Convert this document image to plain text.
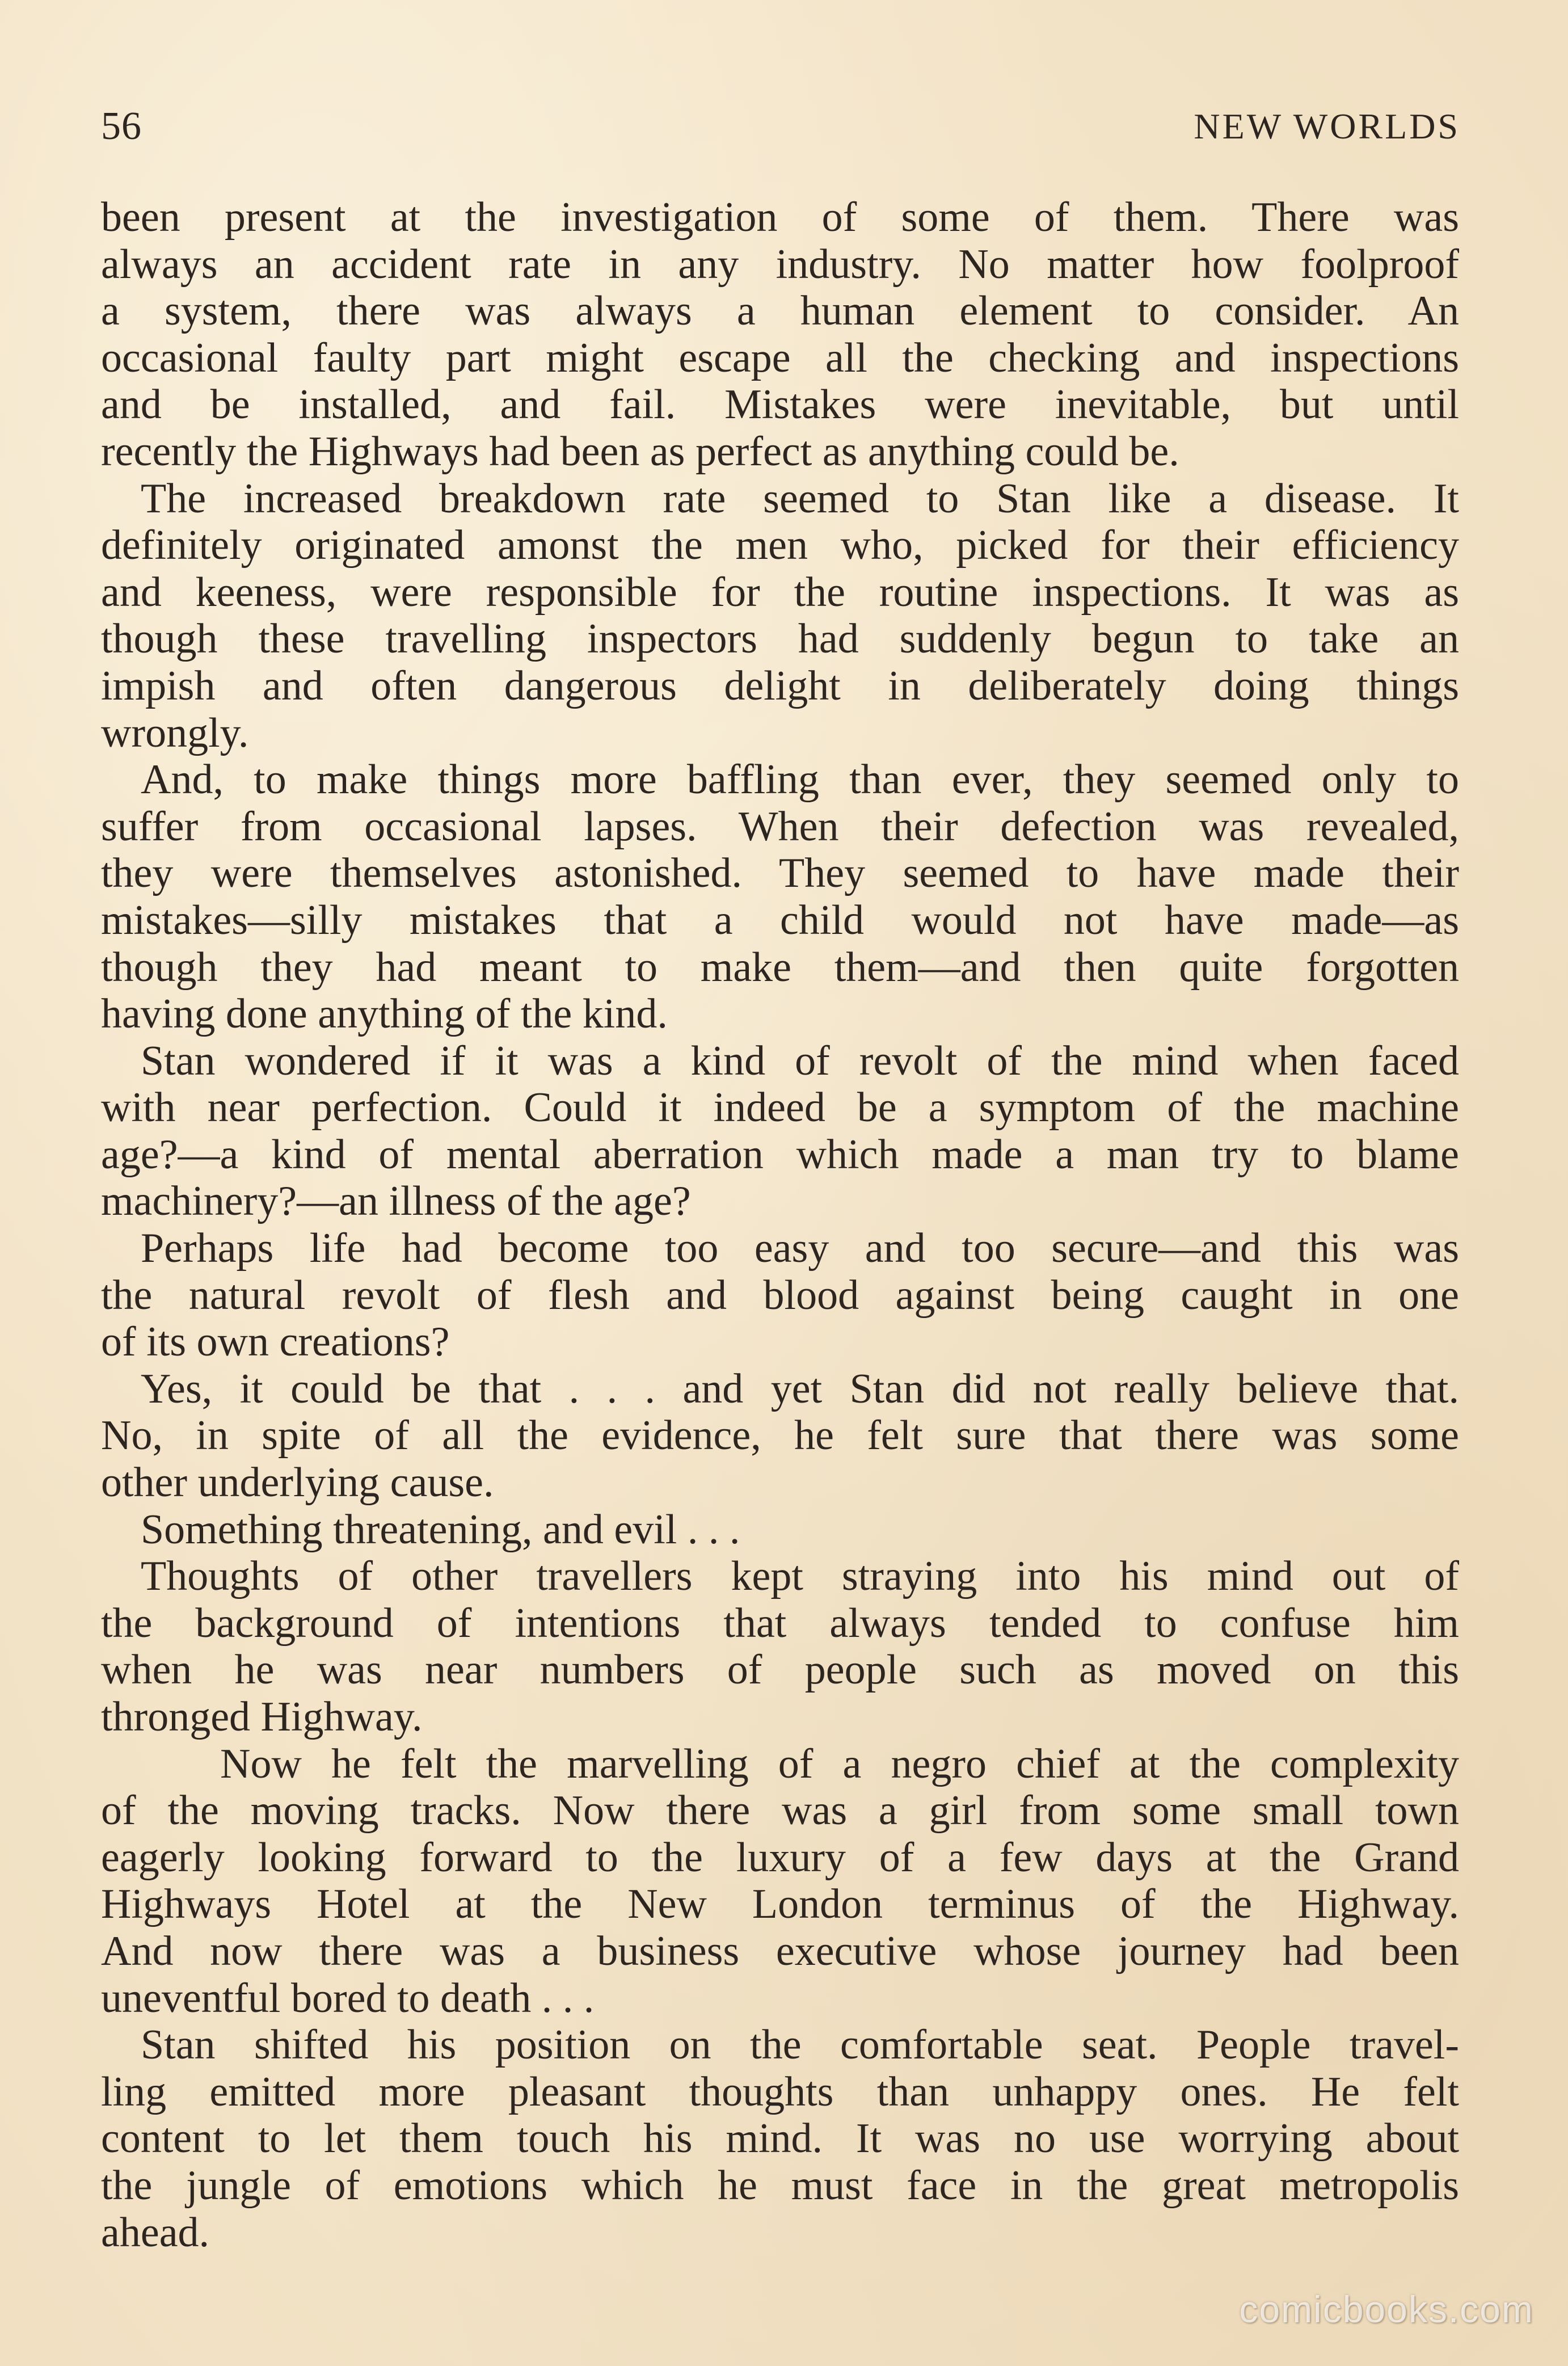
56	NEW WORLDS
been present at the investigation of some of them. There was
always an accident rate in any industry. No matter how foolproof
a system, there was always a human element to consider. An
occasional faulty part might escape all the checking and inspections
and be installed, and fail. Mistakes were inevitable, but until
recently the Highways had been as perfect as anything could be.
The increased breakdown rate seemed to Stan like a disease. It
definitely originated amonst the men who, picked for their efficiency
and keeness, were responsible for the routine inspections. It was as
though these travelling inspectors had suddenly begun to take an
impish and often dangerous delight in deliberately doing things
wrongly.
And, to make things more baffling than ever, they seemed only to
suffer from occasional lapses. When their defection was revealed,
they were themselves astonished. They seemed to have made their
mistakes—silly mistakes that a child would not have made—as
though they had meant to make them—and then quite forgotten
having done anything of the kind.
Stan wondered if it was a kind of revolt of the mind when faced
with near perfection. Could it indeed be a symptom of the machine
age?—a kind of mental aberration which made a man try to blame
machinery?—an illness of the age?
Perhaps life had become too easy and too secure—and this was
the natural revolt of flesh and blood against being caught in one
of its own creations?
Yes, it could be that . . . and yet Stan did not really believe that.
No, in spite of all the evidence, he felt sure that there was some
other underlying cause.
Something threatening, and evil . . .
Thoughts of other travellers kept straying into his mind out of
the background of intentions that always tended to confuse him
when he was near numbers of people such as moved on this
thronged Highway.
Now he felt the marvelling of a negro chief at the complexity
of the moving tracks. Now there was a girl from some small town
eagerly looking forward to the luxury of a few days at the Grand
Highways Hotel at the New London terminus of the Highway.
And now there was a business executive whose journey had been
uneventful bored to death . . .
Stan shifted his position on the comfortable seat. People travel-
ling emitted more pleasant thoughts than unhappy ones. He felt
content to let them touch his mind. It was no use worrying about
the jungle of emotions which he must face in the great metropolis
ahead.
comicbooks.com
